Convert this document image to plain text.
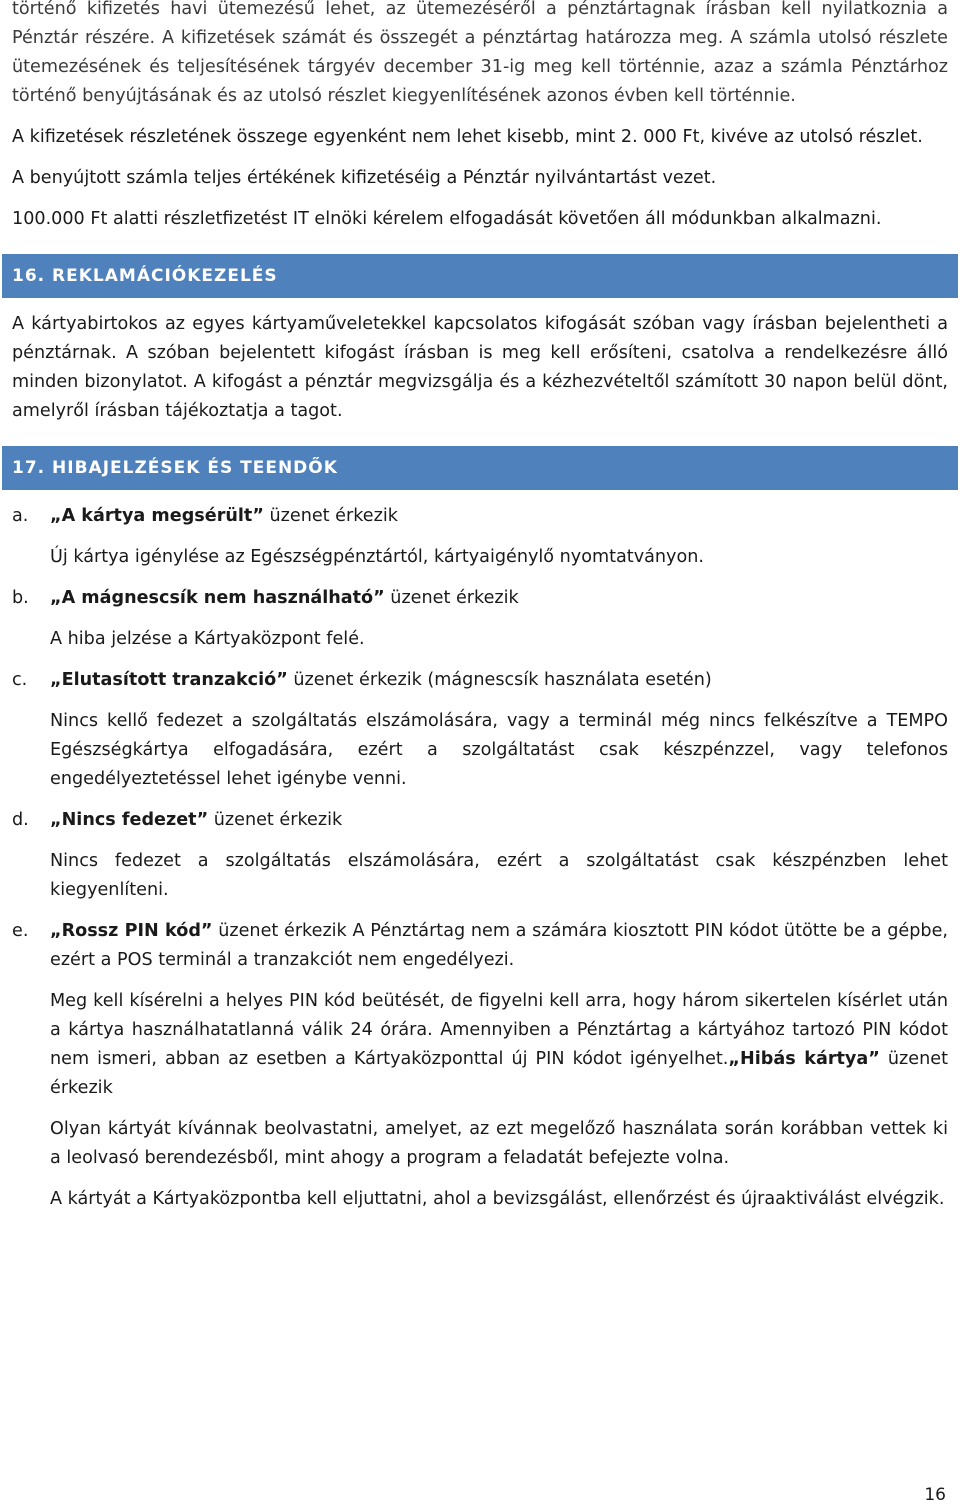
történő kifizetés havi ütemezésű lehet, az ütemezéséről a pénztártagnak írásban kell nyilatkoznia a Pénztár részére. A kifizetések számát és összegét a pénztártag határozza meg. A számla utolsó részlete ütemezésének és teljesítésének tárgyév december 31-ig meg kell történnie, azaz a számla Pénztárhoz történő benyújtásának és az utolsó részlet kiegyenlítésének azonos évben kell történnie.

A kifizetések részletének összege egyenként nem lehet kisebb, mint 2. 000 Ft, kivéve az utolsó részlet.

A benyújtott számla teljes értékének kifizetéséig a Pénztár nyilvántartást vezet.

100.000 Ft alatti részletfizetést IT elnöki kérelem elfogadását követően áll módunkban alkalmazni.

16. REKLAMÁCIÓKEZELÉS

A kártyabirtokos az egyes kártyaműveletekkel kapcsolatos kifogását szóban vagy írásban bejelentheti a pénztárnak. A szóban bejelentett kifogást írásban is meg kell erősíteni, csatolva a rendelkezésre álló minden bizonylatot. A kifogást a pénztár megvizsgálja és a kézhezvételtől számított 30 napon belül dönt, amelyről írásban tájékoztatja a tagot.

17. HIBAJELZÉSEK ÉS TEENDŐK
a.	„A kártya megsérült” üzenet érkezik

Új kártya igénylése az Egészségpénztártól, kártyaigénylő nyomtatványon.

b.	„A mágnescsík nem használható” üzenet érkezik

A hiba jelzése a Kártyaközpont felé.

c.	„Elutasított tranzakció” üzenet érkezik (mágnescsík használata esetén)

Nincs kellő fedezet a szolgáltatás elszámolására, vagy a terminál még nincs felkészítve a TEMPO Egészségkártya elfogadására, ezért a szolgáltatást csak készpénzzel, vagy telefonos engedélyeztetéssel lehet igénybe venni.

d.	„Nincs fedezet” üzenet érkezik

Nincs fedezet a szolgáltatás elszámolására, ezért a szolgáltatást csak készpénzben lehet kiegyenlíteni.

e.	„Rossz PIN kód” üzenet érkezik A Pénztártag nem a számára kiosztott PIN kódot ütötte be a gépbe, ezért a POS terminál a tranzakciót nem engedélyezi.

Meg kell kísérelni a helyes PIN kód beütését, de figyelni kell arra, hogy három sikertelen kísérlet után a kártya használhatatlanná válik 24 órára. Amennyiben a Pénztártag a kártyához tartozó PIN kódot nem ismeri, abban az esetben a Kártyaközponttal új PIN kódot igényelhet.„Hibás kártya” üzenet érkezik

Olyan kártyát kívánnak beolvastatni, amelyet, az ezt megelőző használata során korábban vettek ki a leolvasó berendezésből, mint ahogy a program a feladatát befejezte volna.

A kártyát a Kártyaközpontba kell eljuttatni, ahol a bevizsgálást, ellenőrzést és újraaktiválást elvégzik.

16
